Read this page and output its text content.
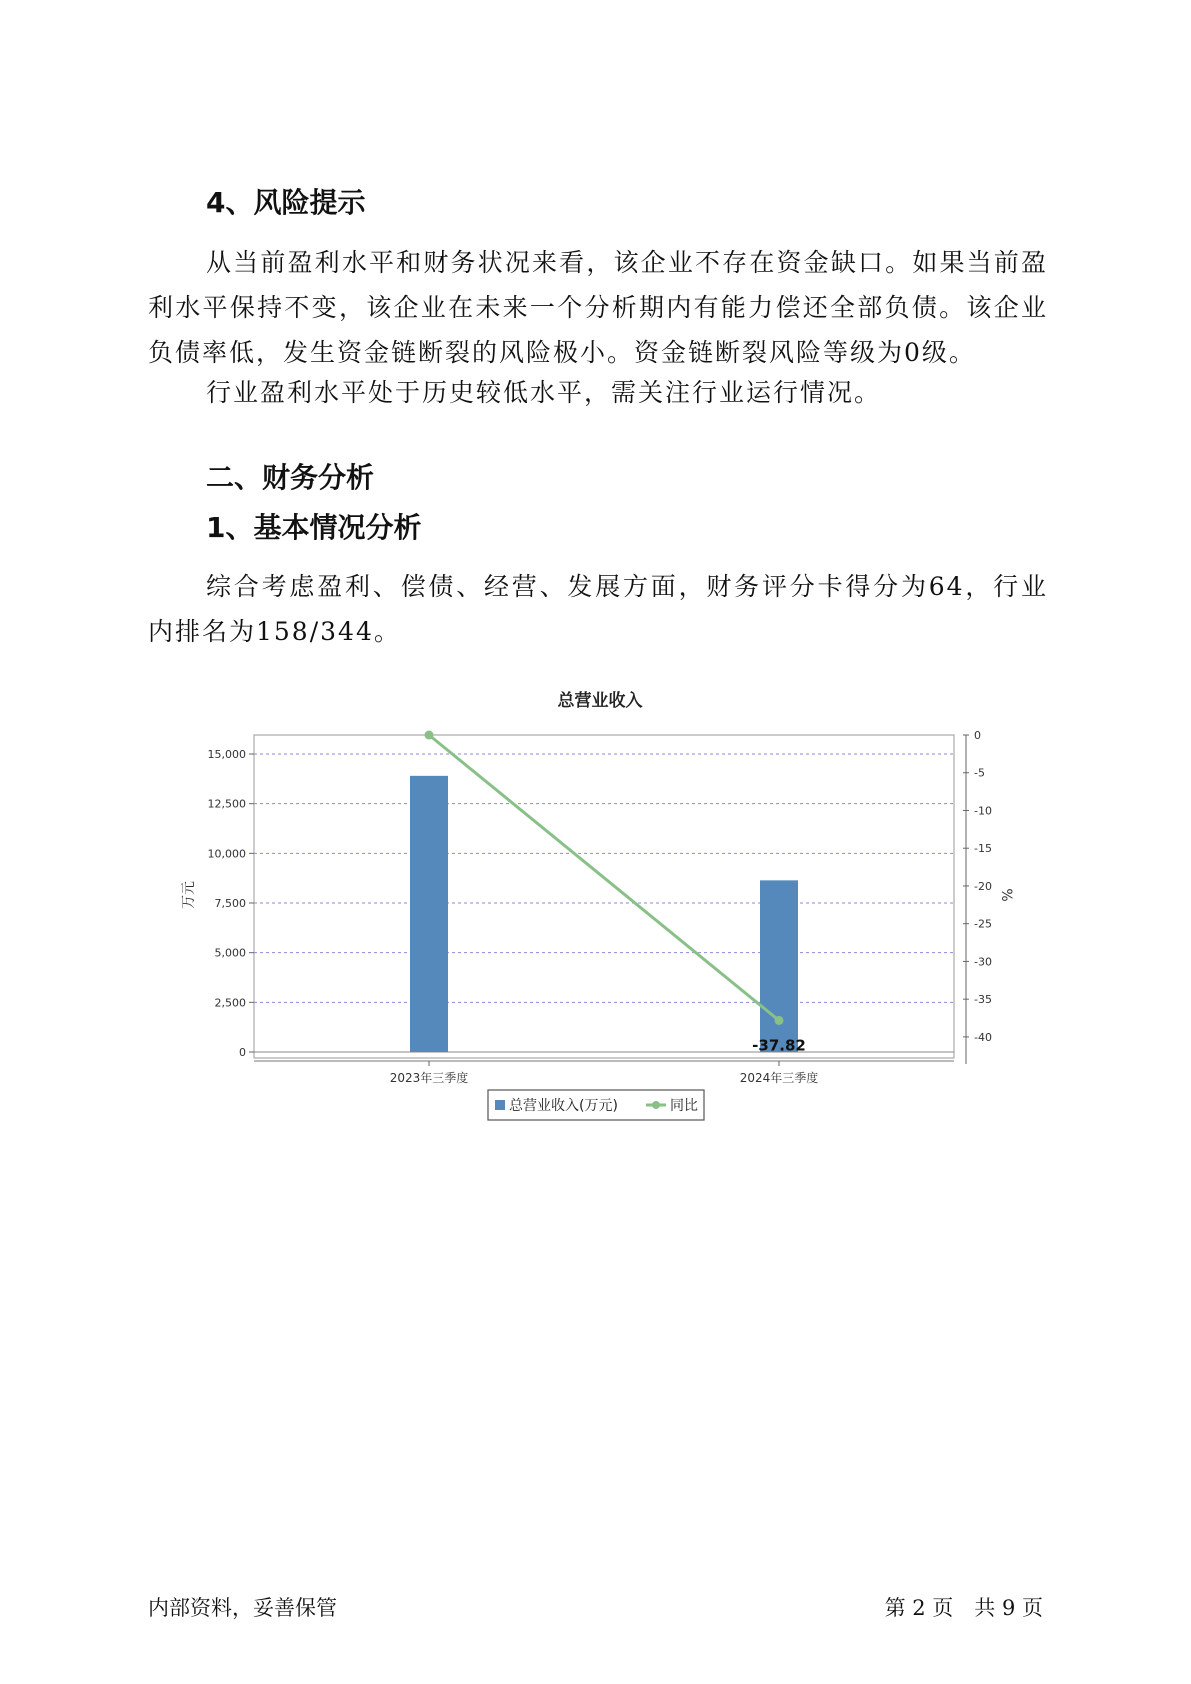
4、风险提示

从当前盈利水平和财务状况来看，该企业不存在资金缺口。如果当前盈利水平保持不变，该企业在未来一个分析期内有能力偿还全部负债。该企业负债率低，发生资金链断裂的风险极小。资金链断裂风险等级为0级。

行业盈利水平处于历史较低水平，需关注行业运行情况。

二、财务分析
1、基本情况分析

综合考虑盈利、偿债、经营、发展方面，财务评分卡得分为64，行业内排名为158/344。

总营业收入
0
2,500
5,000
7,500
10,000
12,500
15,000
0
-5
-10
-15
-20
-25
-30
-35
-40
-37.82
2023年三季度	2024年三季度
万元	%
总营业收入(万元)	同比
内部资料，妥善保管	第 2 页　共 9 页
